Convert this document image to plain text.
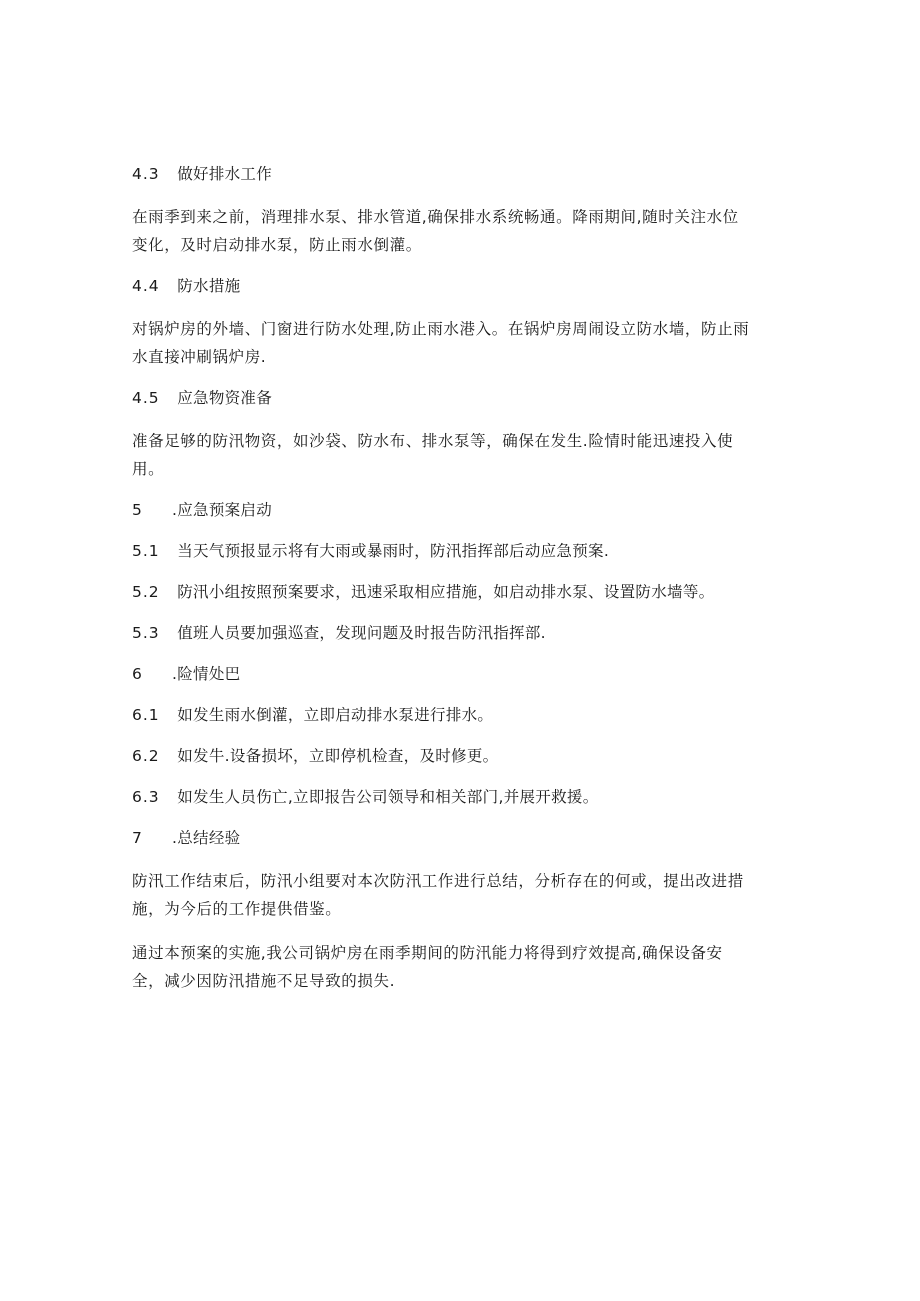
4.3 做好排水工作

在雨季到来之前，消理排水泵、排水管道,确保排水系统畅通。降雨期间,随时关注水位
变化，及时启动排水泵，防止雨水倒灌。

4.4 防水措施

对锅炉房的外墙、门窗进行防水处理,防止雨水港入。在锅炉房周闹设立防水墙，防止雨
水直接冲刷锅炉房.

4.5 应急物资准备

准备足够的防汛物资，如沙袋、防水布、排水泵等，确保在发生.险情时能迅速投入使
用。

5 .应急预案启动

5.1 当天气预报显示将有大雨或暴雨时，防汛指挥部后动应急预案.

5.2 防汛小组按照预案要求，迅速采取相应措施，如启动排水泵、设置防水墙等。

5.3 值班人员要加强巡查，发现问题及时报告防汛指挥部.

6 .险情处巴

6.1 如发生雨水倒灌，立即启动排水泵进行排水。

6.2 如发牛.设备损坏，立即停机检查，及时修更。

6.3 如发生人员伤亡,立即报告公司领导和相关部门,并展开救援。

7 .总结经验

防汛工作结束后，防汛小组要对本次防汛工作进行总结，分析存在的何或，提出改进措
施，为今后的工作提供借鉴。

通过本预案的实施,我公司锅炉房在雨季期间的防汛能力将得到疗效提高,确保设备安
全，减少因防汛措施不足导致的损失.
